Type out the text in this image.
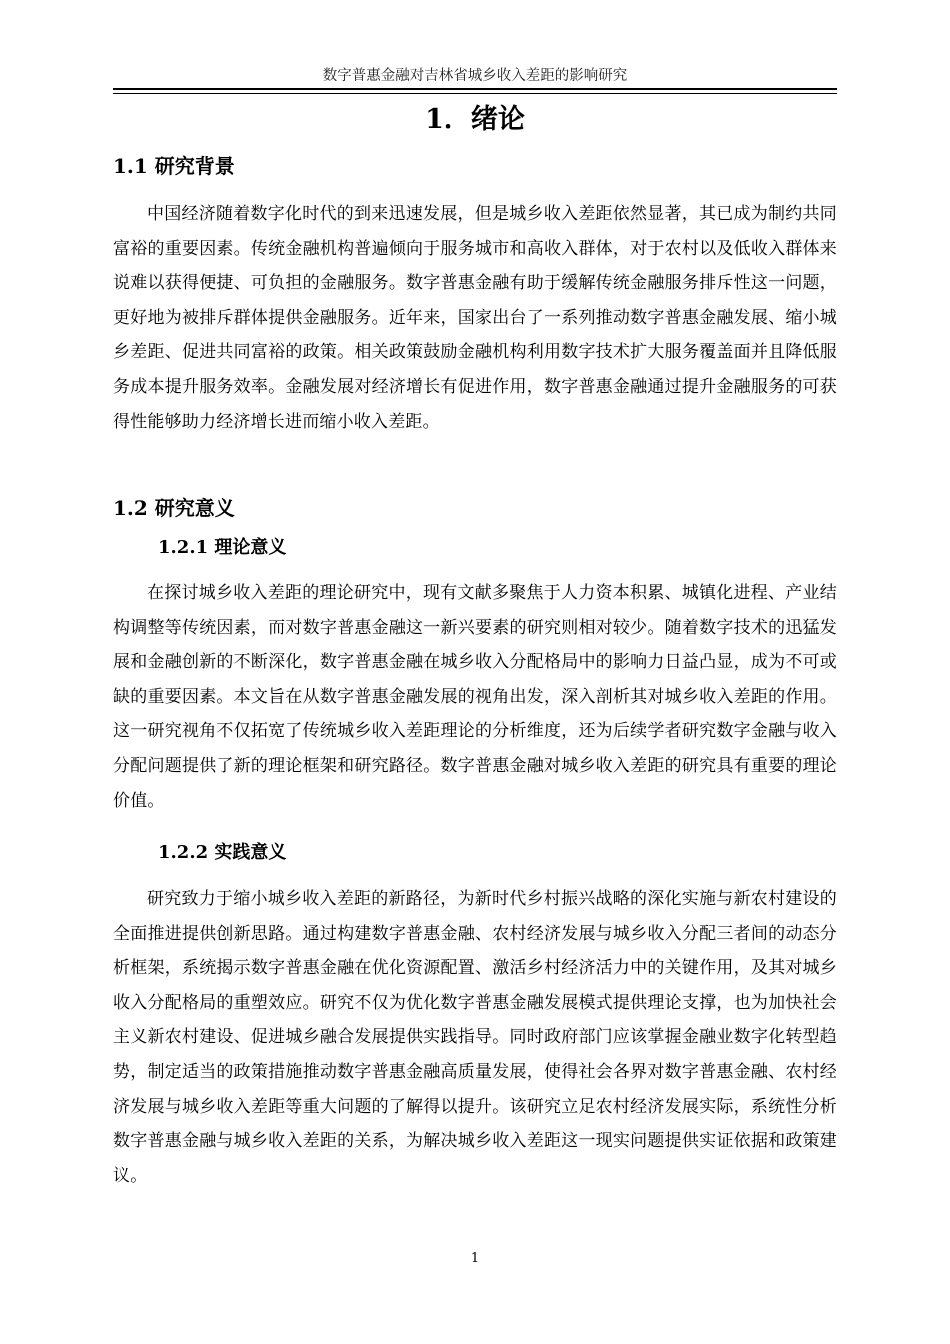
数字普惠金融对吉林省城乡收入差距的影响研究
1．绪论
1.1 研究背景

中国经济随着数字化时代的到来迅速发展，但是城乡收入差距依然显著，其已成为制约共同富裕的重要因素。传统金融机构普遍倾向于服务城市和高收入群体，对于农村以及低收入群体来说难以获得便捷、可负担的金融服务。数字普惠金融有助于缓解传统金融服务排斥性这一问题，更好地为被排斥群体提供金融服务。近年来，国家出台了一系列推动数字普惠金融发展、缩小城乡差距、促进共同富裕的政策。相关政策鼓励金融机构利用数字技术扩大服务覆盖面并且降低服务成本提升服务效率。金融发展对经济增长有促进作用，数字普惠金融通过提升金融服务的可获得性能够助力经济增长进而缩小收入差距。

1.2 研究意义
1.2.1 理论意义

在探讨城乡收入差距的理论研究中，现有文献多聚焦于人力资本积累、城镇化进程、产业结构调整等传统因素，而对数字普惠金融这一新兴要素的研究则相对较少。随着数字技术的迅猛发展和金融创新的不断深化，数字普惠金融在城乡收入分配格局中的影响力日益凸显，成为不可或缺的重要因素。本文旨在从数字普惠金融发展的视角出发，深入剖析其对城乡收入差距的作用。这一研究视角不仅拓宽了传统城乡收入差距理论的分析维度，还为后续学者研究数字金融与收入分配问题提供了新的理论框架和研究路径。数字普惠金融对城乡收入差距的研究具有重要的理论价值。

1.2.2 实践意义

研究致力于缩小城乡收入差距的新路径，为新时代乡村振兴战略的深化实施与新农村建设的全面推进提供创新思路。通过构建数字普惠金融、农村经济发展与城乡收入分配三者间的动态分析框架，系统揭示数字普惠金融在优化资源配置、激活乡村经济活力中的关键作用，及其对城乡收入分配格局的重塑效应。研究不仅为优化数字普惠金融发展模式提供理论支撑，也为加快社会主义新农村建设、促进城乡融合发展提供实践指导。同时政府部门应该掌握金融业数字化转型趋势，制定适当的政策措施推动数字普惠金融高质量发展，使得社会各界对数字普惠金融、农村经济发展与城乡收入差距等重大问题的了解得以提升。该研究立足农村经济发展实际，系统性分析数字普惠金融与城乡收入差距的关系，为解决城乡收入差距这一现实问题提供实证依据和政策建议。

1
